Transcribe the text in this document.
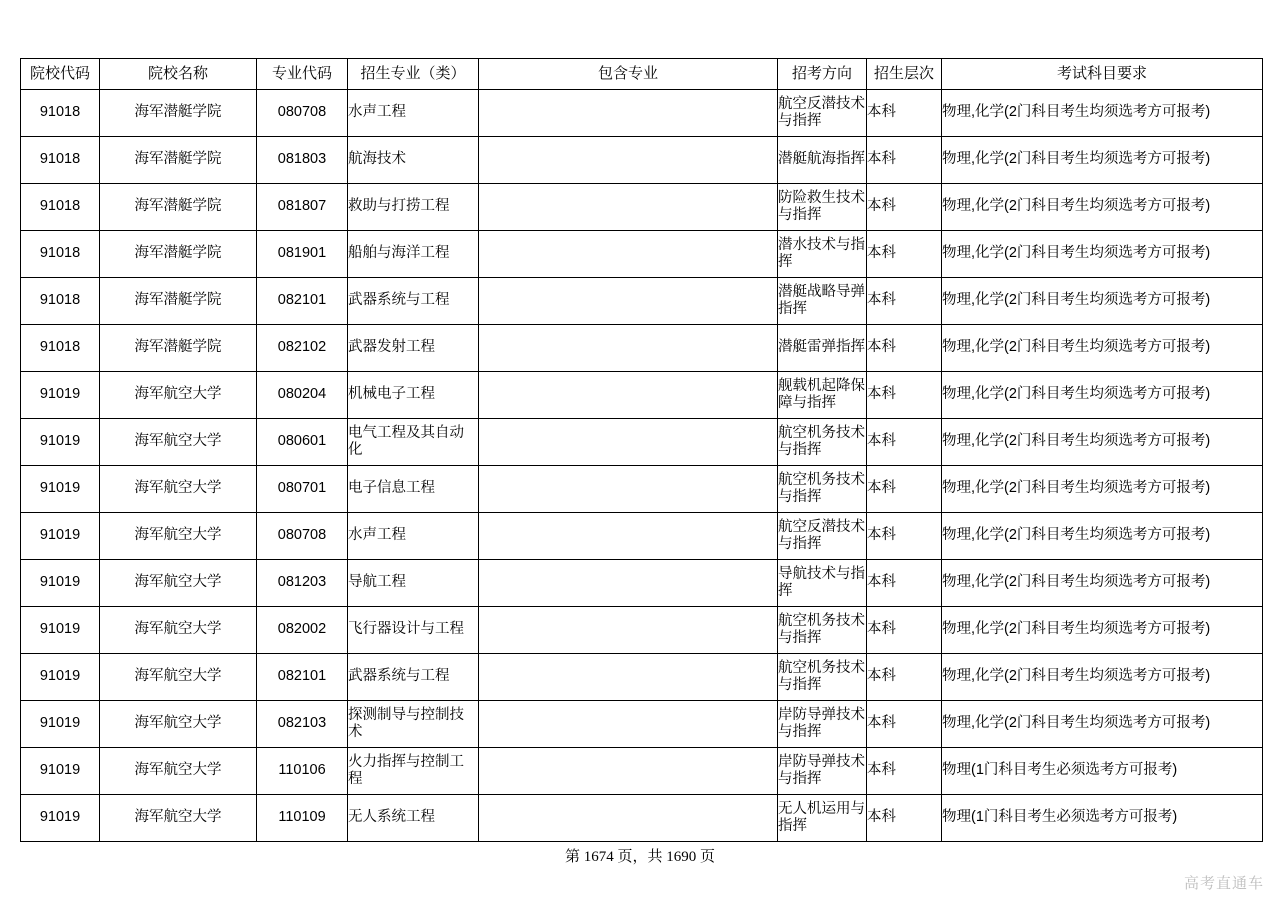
院校代码	院校名称	专业代码	招生专业（类）	包含专业	招考方向	招生层次	考试科目要求
91018	海军潜艇学院	080708	水声工程		航空反潜技术与指挥	本科	物理,化学(2门科目考生均须选考方可报考)
91018	海军潜艇学院	081803	航海技术		潜艇航海指挥	本科	物理,化学(2门科目考生均须选考方可报考)
91018	海军潜艇学院	081807	救助与打捞工程		防险救生技术与指挥	本科	物理,化学(2门科目考生均须选考方可报考)
91018	海军潜艇学院	081901	船舶与海洋工程		潜水技术与指挥	本科	物理,化学(2门科目考生均须选考方可报考)
91018	海军潜艇学院	082101	武器系统与工程		潜艇战略导弹指挥	本科	物理,化学(2门科目考生均须选考方可报考)
91018	海军潜艇学院	082102	武器发射工程		潜艇雷弹指挥	本科	物理,化学(2门科目考生均须选考方可报考)
91019	海军航空大学	080204	机械电子工程		舰载机起降保障与指挥	本科	物理,化学(2门科目考生均须选考方可报考)
91019	海军航空大学	080601	电气工程及其自动化		航空机务技术与指挥	本科	物理,化学(2门科目考生均须选考方可报考)
91019	海军航空大学	080701	电子信息工程		航空机务技术与指挥	本科	物理,化学(2门科目考生均须选考方可报考)
91019	海军航空大学	080708	水声工程		航空反潜技术与指挥	本科	物理,化学(2门科目考生均须选考方可报考)
91019	海军航空大学	081203	导航工程		导航技术与指挥	本科	物理,化学(2门科目考生均须选考方可报考)
91019	海军航空大学	082002	飞行器设计与工程		航空机务技术与指挥	本科	物理,化学(2门科目考生均须选考方可报考)
91019	海军航空大学	082101	武器系统与工程		航空机务技术与指挥	本科	物理,化学(2门科目考生均须选考方可报考)
91019	海军航空大学	082103	探测制导与控制技术		岸防导弹技术与指挥	本科	物理,化学(2门科目考生均须选考方可报考)
91019	海军航空大学	110106	火力指挥与控制工程		岸防导弹技术与指挥	本科	物理(1门科目考生必须选考方可报考)
91019	海军航空大学	110109	无人系统工程		无人机运用与指挥	本科	物理(1门科目考生必须选考方可报考)
第 1674 页，共 1690 页
高考直通车
